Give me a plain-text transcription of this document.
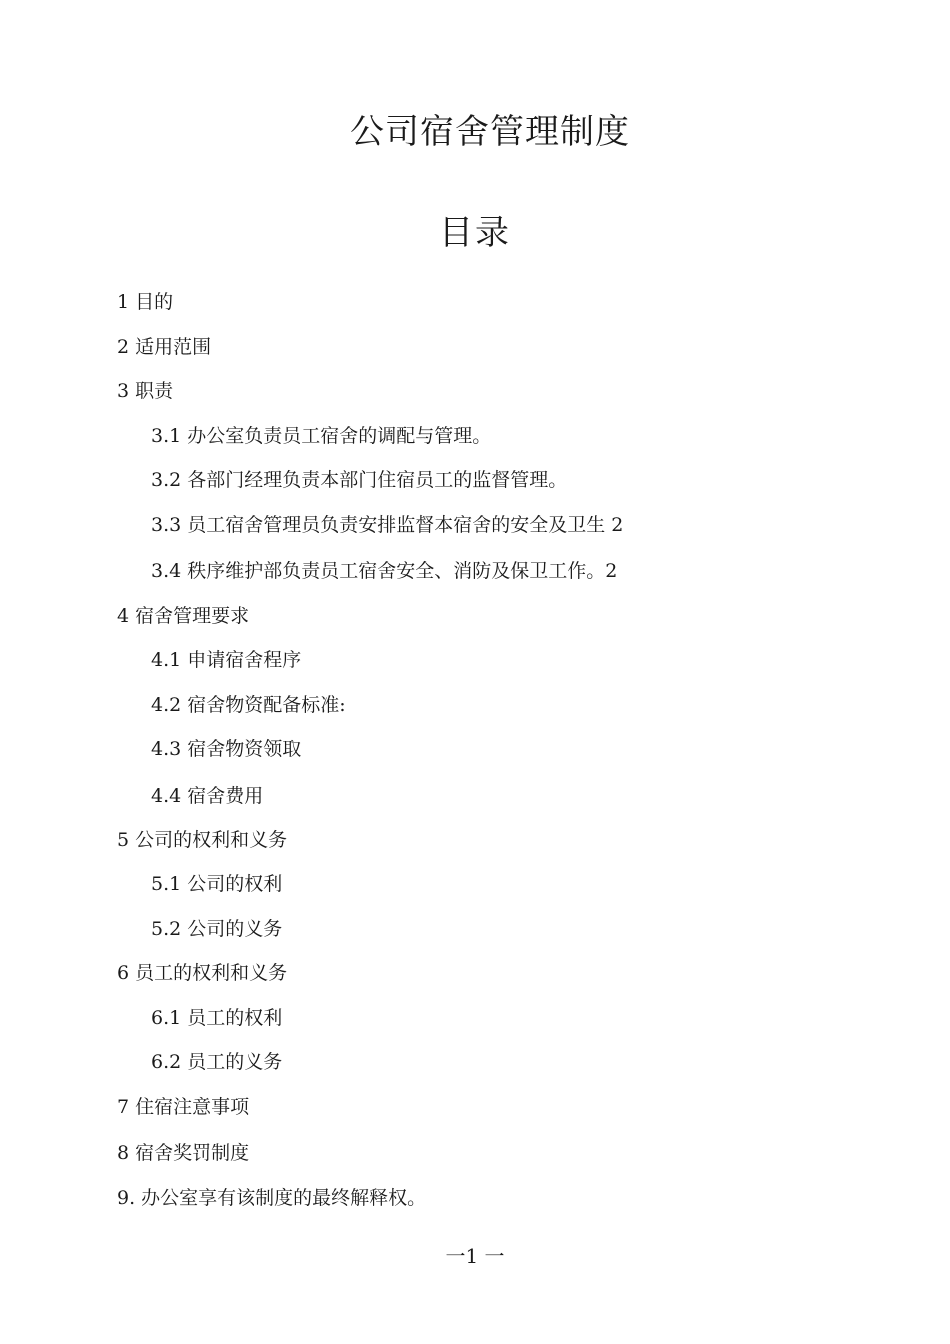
公司宿舍管理制度
目录
1 目的
2 适用范围
3 职责
3.1 办公室负责员工宿舍的调配与管理。
3.2 各部门经理负责本部门住宿员工的监督管理。
3.3 员工宿舍管理员负责安排监督本宿舍的安全及卫生 2
3.4 秩序维护部负责员工宿舍安全、消防及保卫工作。2
4 宿舍管理要求
4.1 申请宿舍程序
4.2 宿舍物资配备标准:
4.3 宿舍物资领取
4.4 宿舍费用
5 公司的权利和义务
5.1 公司的权利
5.2 公司的义务
6 员工的权利和义务
6.1 员工的权利
6.2 员工的义务
7 住宿注意事项
8 宿舍奖罚制度
9. 办公室享有该制度的最终解释权。
一1 一
